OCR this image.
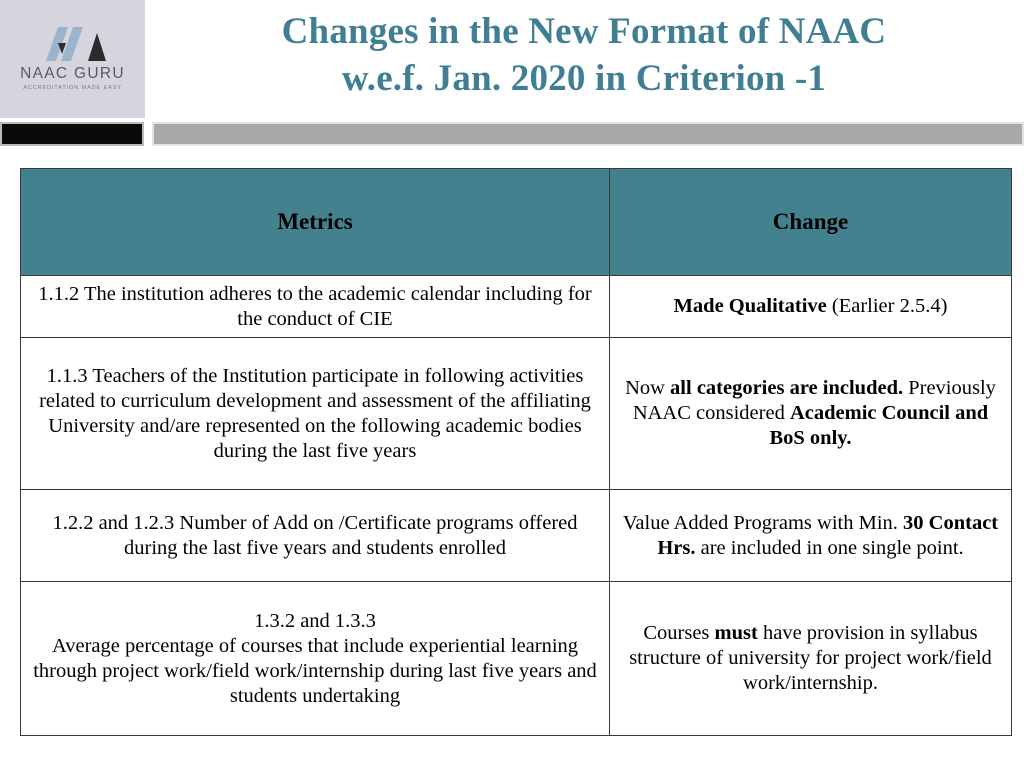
NAAC GURU
ACCREDITATION MADE EASY
Changes in the New Format of NAAC
w.e.f. Jan. 2020 in Criterion -1
Metrics	Change
1.1.2 The institution adheres to the academic calendar including for the conduct of CIE	Made Qualitative (Earlier 2.5.4)
1.1.3 Teachers of the Institution participate in following activities related to curriculum development and assessment of the affiliating University and/are represented on the following academic bodies during the last five years	Now all categories are included. Previously NAAC considered Academic Council and BoS only.
1.2.2 and 1.2.3 Number of Add on /Certificate programs offered during the last five years and students enrolled	Value Added Programs with Min. 30 Contact Hrs. are included in one single point.
1.3.2 and 1.3.3
Average percentage of courses that include experiential learning through project work/field work/internship during last five years and students undertaking	Courses must have provision in syllabus structure of university for project work/field work/internship.
